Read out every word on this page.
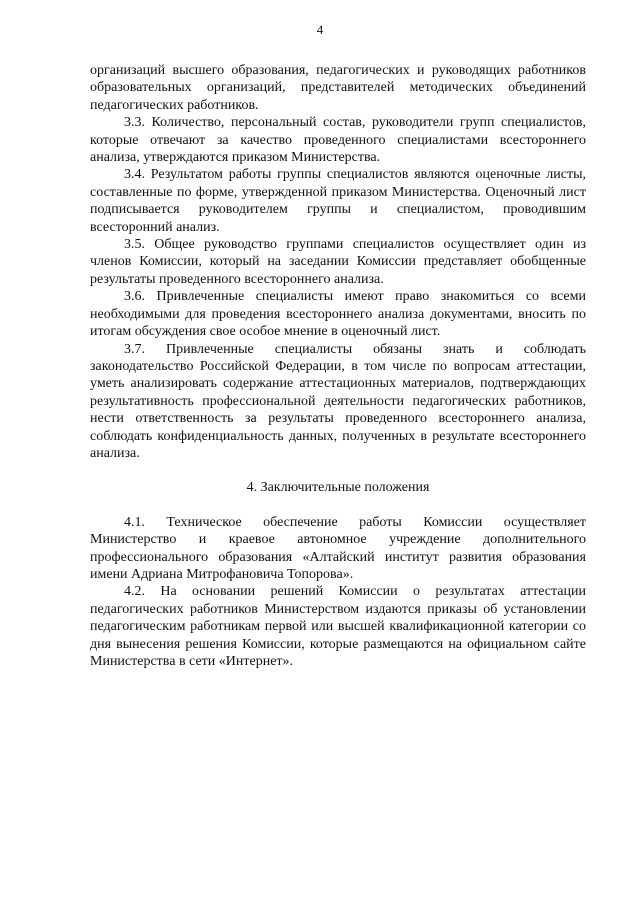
4

организаций высшего образования, педагогических и руководящих работников образовательных организаций, представителей методических объединений педагогических работников.

3.3. Количество, персональный состав, руководители групп специалистов, которые отвечают за качество проведенного специалистами всестороннего анализа, утверждаются приказом Министерства.

3.4. Результатом работы группы специалистов являются оценочные листы, составленные по форме, утвержденной приказом Министерства. Оценочный лист подписывается руководителем группы и специалистом, проводившим всесторонний анализ.

3.5. Общее руководство группами специалистов осуществляет один из членов Комиссии, который на заседании Комиссии представляет обобщенные результаты проведенного всестороннего анализа.

3.6. Привлеченные специалисты имеют право знакомиться со всеми необходимыми для проведения всестороннего анализа документами, вносить по итогам обсуждения свое особое мнение в оценочный лист.

3.7. Привлеченные специалисты обязаны знать и соблюдать законодательство Российской Федерации, в том числе по вопросам аттестации, уметь анализировать содержание аттестационных материалов, подтверждающих результативность профессиональной деятельности педагогических работников, нести ответственность за результаты проведенного всестороннего анализа, соблюдать конфиденциальность данных, полученных в результате всестороннего анализа.

4. Заключительные положения

4.1. Техническое обеспечение работы Комиссии осуществляет Министерство и краевое автономное учреждение дополнительного профессионального образования «Алтайский институт развития образования имени Адриана Митрофановича Топорова».

4.2. На основании решений Комиссии о результатах аттестации педагогических работников Министерством издаются приказы об установлении педагогическим работникам первой или высшей квалификационной категории со дня вынесения решения Комиссии, которые размещаются на официальном сайте Министерства в сети «Интернет».
